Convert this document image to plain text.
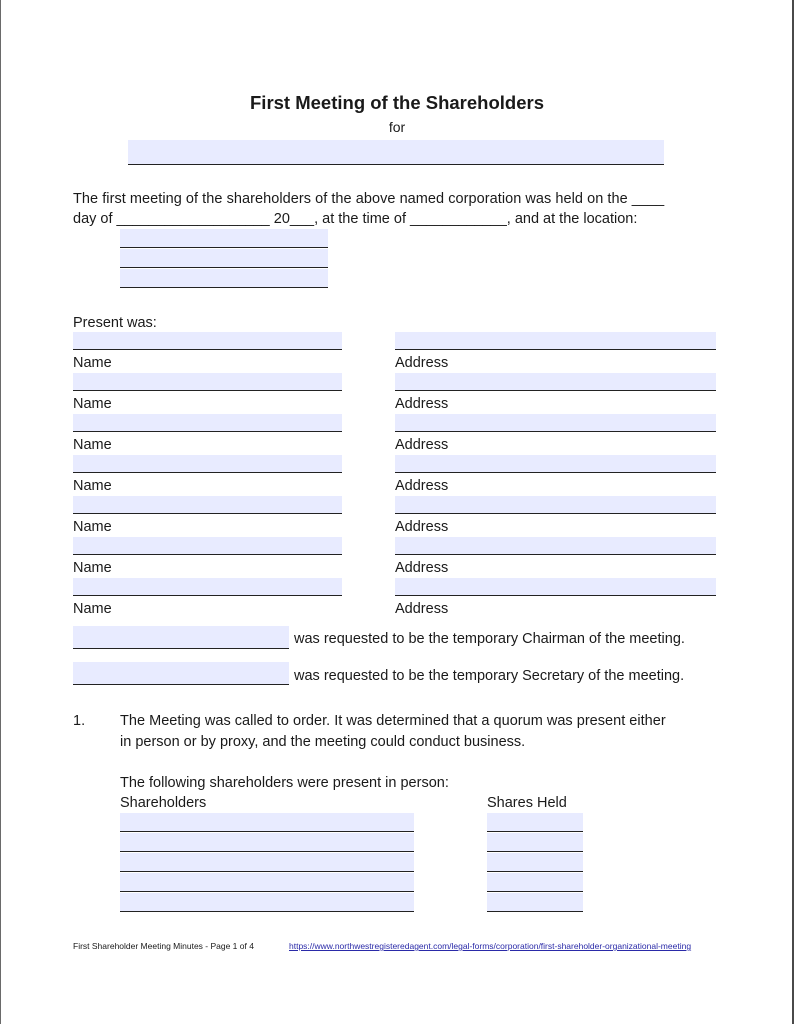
First Meeting of the Shareholders
for
The first meeting of the shareholders of the above named corporation was held on the ____
day of ___________________ 20___, at the time of ____________, and at the location:
Present was:
Name	Address
Name	Address
Name	Address
Name	Address
Name	Address
Name	Address
Name	Address
was requested to be the temporary Chairman of the meeting.
was requested to be the temporary Secretary of the meeting.
1. The Meeting was called to order. It was determined that a quorum was present either
in person or by proxy, and the meeting could conduct business.
The following shareholders were present in person:
Shareholders	Shares Held
First Shareholder Meeting Minutes - Page 1 of 4	https://www.northwestregisteredagent.com/legal-forms/corporation/first-shareholder-organizational-meeting
